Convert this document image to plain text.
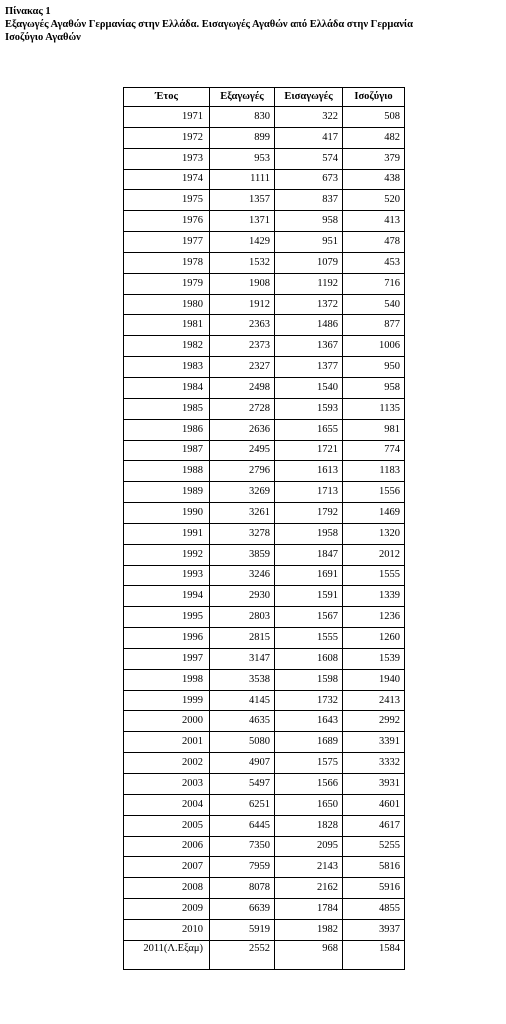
Πίνακας 1
Εξαγωγές Αγαθών Γερμανίας στην Ελλάδα. Εισαγωγές Αγαθών από Ελλάδα στην Γερμανία
Ισοζύγιο Αγαθών
Έτος	Εξαγωγές	Εισαγωγές	Ισοζύγιο
1971	830	322	508
1972	899	417	482
1973	953	574	379
1974	1111	673	438
1975	1357	837	520
1976	1371	958	413
1977	1429	951	478
1978	1532	1079	453
1979	1908	1192	716
1980	1912	1372	540
1981	2363	1486	877
1982	2373	1367	1006
1983	2327	1377	950
1984	2498	1540	958
1985	2728	1593	1135
1986	2636	1655	981
1987	2495	1721	774
1988	2796	1613	1183
1989	3269	1713	1556
1990	3261	1792	1469
1991	3278	1958	1320
1992	3859	1847	2012
1993	3246	1691	1555
1994	2930	1591	1339
1995	2803	1567	1236
1996	2815	1555	1260
1997	3147	1608	1539
1998	3538	1598	1940
1999	4145	1732	2413
2000	4635	1643	2992
2001	5080	1689	3391
2002	4907	1575	3332
2003	5497	1566	3931
2004	6251	1650	4601
2005	6445	1828	4617
2006	7350	2095	5255
2007	7959	2143	5816
2008	8078	2162	5916
2009	6639	1784	4855
2010	5919	1982	3937
2011(Λ.Εξαμ)	2552	968	1584
